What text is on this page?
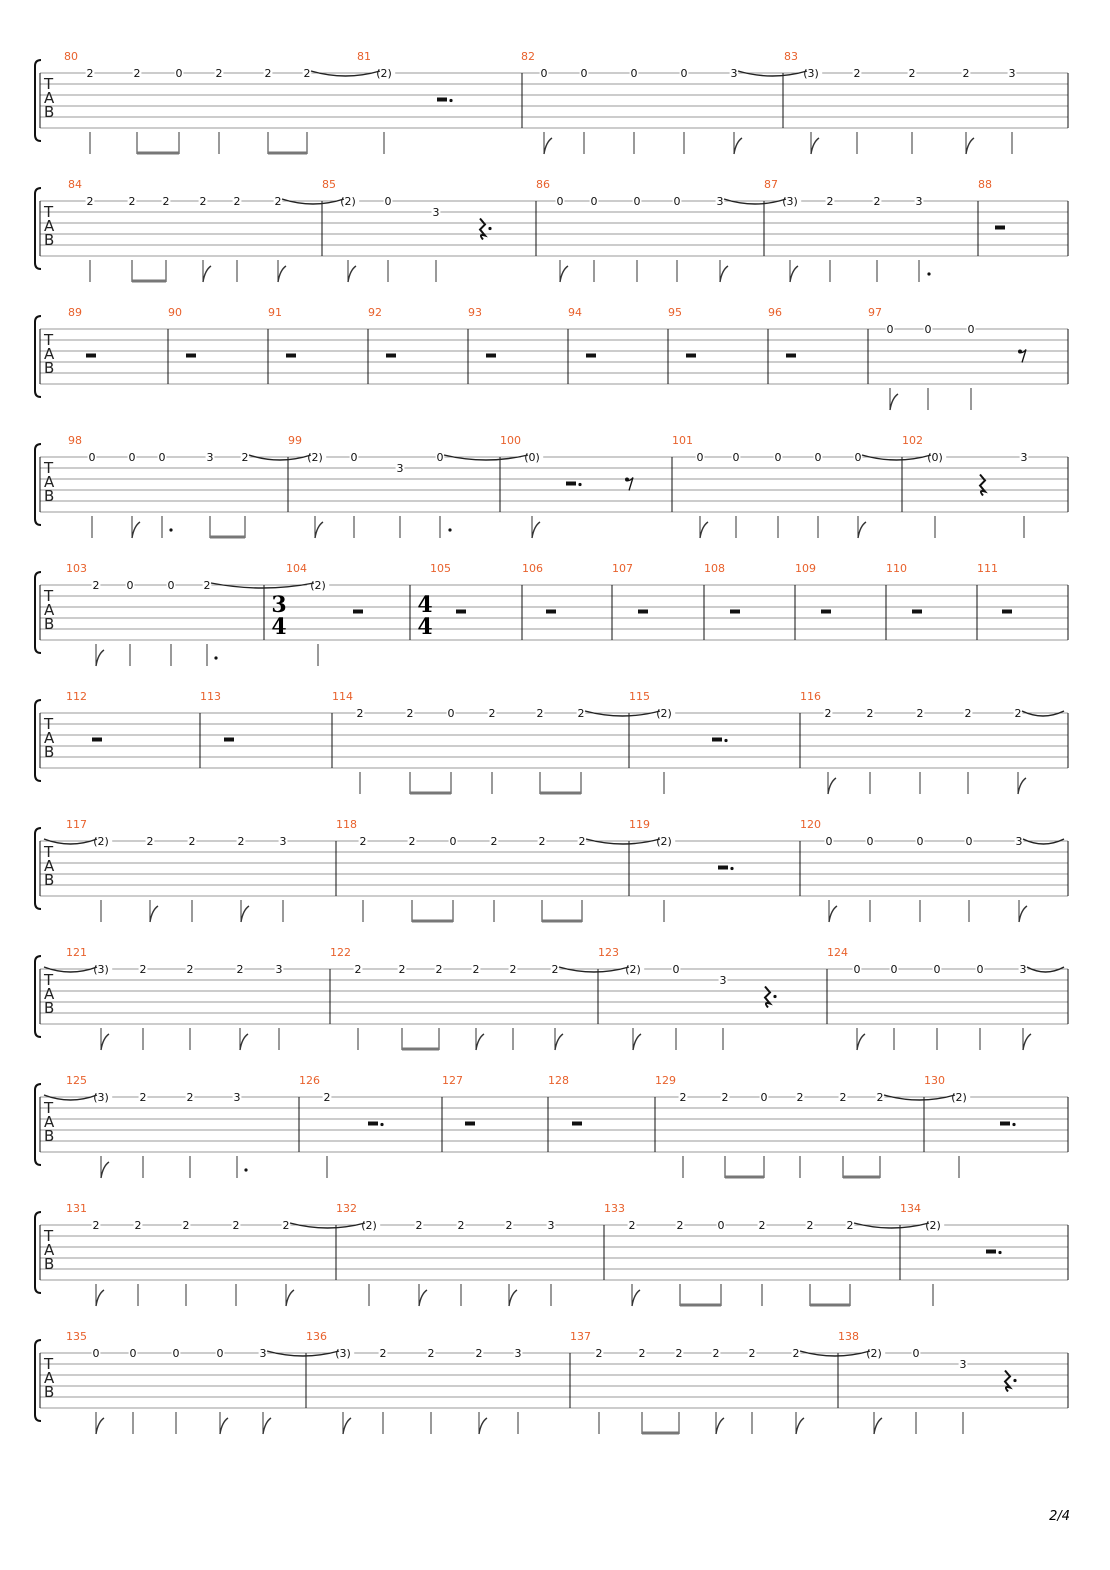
T
A
B
80	81	82	83
2	2	0	2	2	2	(2)	0	0	0	0	3	(3)	2	2	2	3
T
A
B
84	85	86	87	88
2	2 2	2 2	2	(2)	0
3
0 0	0	0	3	(3)	2	2	3
T
A
B
89	90	91	92	93	94	95	96	97
0	0	0
T
A
B
98	99	100	101	102
0	0 0	3	2	(2)	0
3
0	(0)	0	0	0	0	0	(0)	3
T
A
B
103	104	105	106	107	108	109	110	111
2 0	0	2	(2)
T
A
B
112	113	114	115	116
2	2	0	2	2	2	(2)	2	2	2	2	2
T
A
B
117	118	119	120
(2)	2	2	2	3	2	2	0	2	2	2	(2)	0	0	0	0	3
T
A
B
121	122	123	124
(3)	2	2	2	3	2	2	2	2	2	2	(2)	0
3
0	0	0	0	3
T
A
B
125	126	127	128	129	130
(3)	2	2	3	2	2	2	0	2	2	2	(2)
T
A
B
131	132	133	134
2	2	2	2	2	(2)	2	2	2	3	2	2	0	2	2	2	(2)
T
A
B
135	136	137	138
0	0	0	0	3	(3)	2	2	2	3	2	2	2	2	2	2	(2)	0
3
3
4
4
4
2/4
